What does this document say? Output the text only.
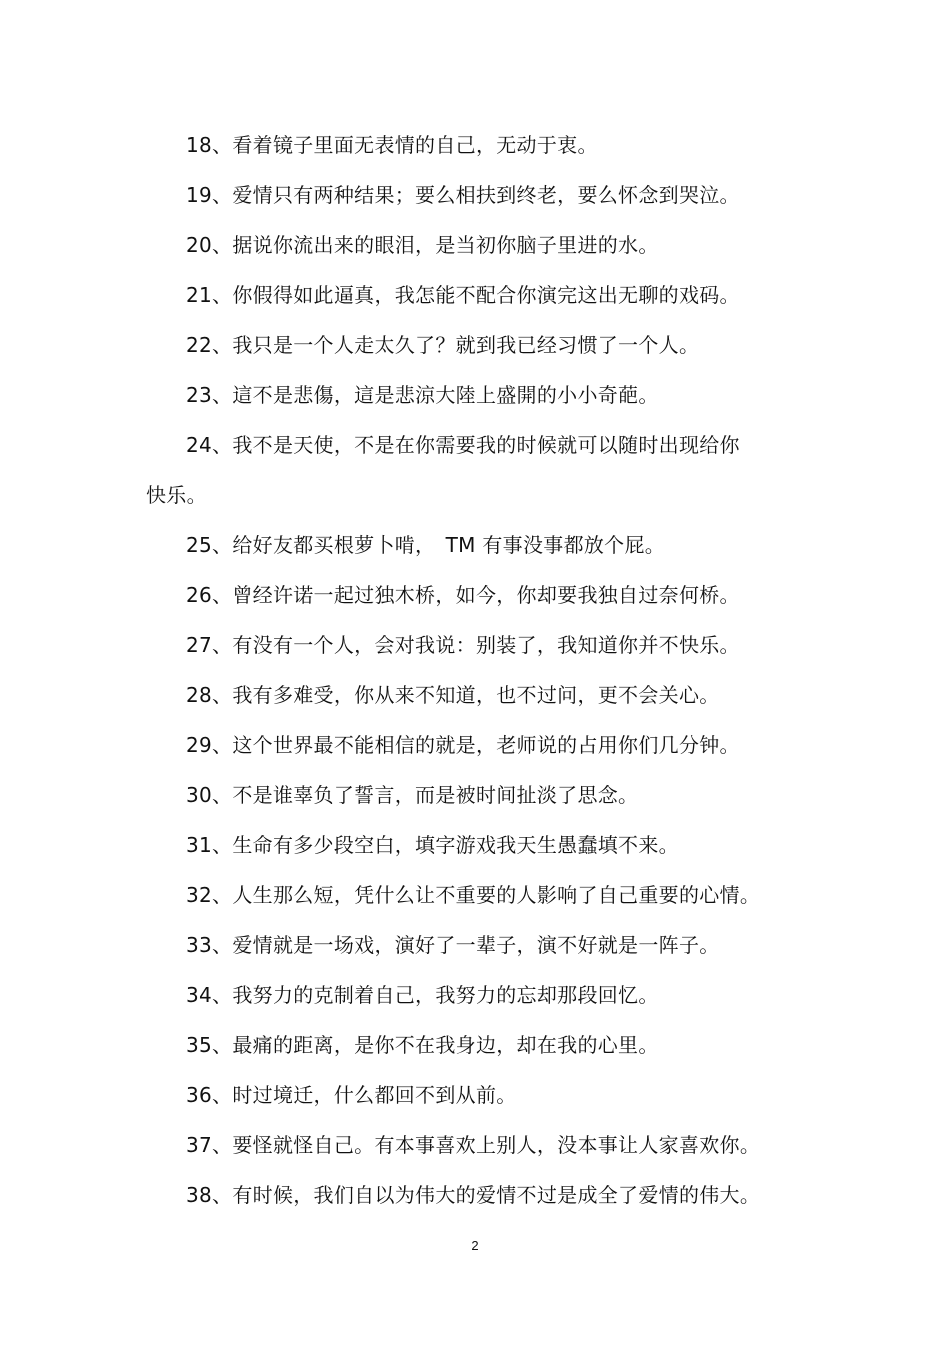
18、看着镜子里面无表情的自己，无动于衷。
19、爱情只有两种结果；要么相扶到终老，要么怀念到哭泣。
20、据说你流出来的眼泪，是当初你脑子里进的水。
21、你假得如此逼真，我怎能不配合你演完这出无聊的戏码。
22、我只是一个人走太久了？就到我已经习惯了一个人。
23、這不是悲傷，這是悲涼大陸上盛開的小小奇葩。
24、我不是天使，不是在你需要我的时候就可以随时出现给你
快乐。
25、给好友都买根萝卜啃，　TM 有事没事都放个屁。
26、曾经许诺一起过独木桥，如今，你却要我独自过奈何桥。
27、有没有一个人，会对我说：别装了，我知道你并不快乐。
28、我有多难受，你从来不知道，也不过问，更不会关心。
29、这个世界最不能相信的就是，老师说的占用你们几分钟。
30、不是谁辜负了誓言，而是被时间扯淡了思念。
31、生命有多少段空白，填字游戏我天生愚蠢填不来。
32、人生那么短，凭什么让不重要的人影响了自己重要的心情。
33、爱情就是一场戏，演好了一辈子，演不好就是一阵子。
34、我努力的克制着自己，我努力的忘却那段回忆。
35、最痛的距离，是你不在我身边，却在我的心里。
36、时过境迁，什么都回不到从前。
37、要怪就怪自己。有本事喜欢上别人，没本事让人家喜欢你。
38、有时候，我们自以为伟大的爱情不过是成全了爱情的伟大。
2
